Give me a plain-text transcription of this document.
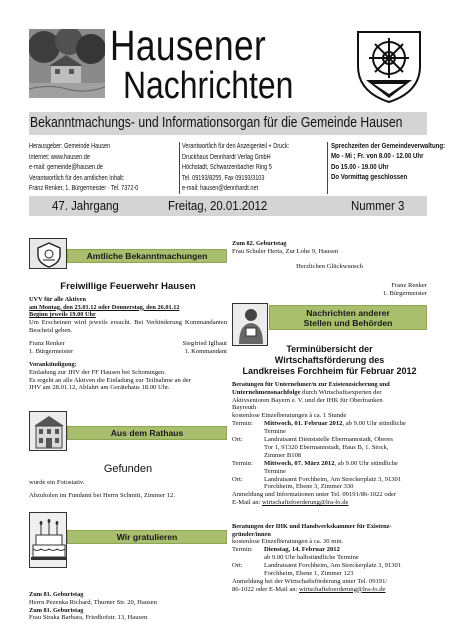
Hausener
Nachrichten
Bekanntmachungs- und Informationsorgan für die Gemeinde Hausen
Herausgeber: Gemeinde Hausen
Internet: www.hausen.de
e-mail: gemeinde@hausen.de
Verantwortlich für den amtlichen Inhalt:
Franz Renker, 1. Bürgermeister · Tel. 7372-0
Verantwortlich für den Anzeigenteil + Druck:
Druckhaus Dennhardt Verlag GmbH
Höchstadt, Schwarzenbacher Ring 5
Tel. 09193/8255, Fax 09193/3103
e-mail: hausen@dennhardt.net
Sprechzeiten der Gemeindeverwaltung:
Mo - Mi ; Fr. von 8.00 - 12.00 Uhr
Do 15.00 - 19.00 Uhr
Do Vormittag geschlossen
47. Jahrgang	Freitag, 20.01.2012	Nummer 3
Amtliche Bekanntmachungen
Freiwillige Feuerwehr Hausen
UVV für alle Aktiven
am Montag, den 23.01.12 oder Donnerstag, den 26.01.12
Beginn jeweils 19.00 Uhr
Um Erscheinen wird jeweils ersucht. Bei Verhinderung Kommandanten Bescheid geben.
Franz Renker
1. Bürgermeister
Siegfried Iglhaut
1. Kommandant
Vorankündigung:
Einladung zur JHV der FF Hausen bei Schonungen.
Es ergeht an alle Aktiven die Einladung zur Teilnahme an der
JHV am 28.01.12, Abfahrt am Gerätehaus 18.00 Uhr.
Aus dem Rathaus
Gefunden
wurde ein Fotostativ.
Abzuholen im Fundamt bei Herrn Schmitt, Zimmer 12.
Wir gratulieren
Zum 81. Geburtstag
Herrn Pezenka Richard, Thurner Str. 20, Hausen
Zum 81. Geburtstag
Frau Straka Barbara, Friedhofstr. 13, Hausen
Zum 82. Geburtstag
Frau Schuler Herta, Zur Lohe 9, Hausen
Herzlichen Glückwunsch
Franz Renker
1. Bürgermeister
Nachrichten anderer
Stellen und Behörden
Terminübersicht der
Wirtschaftsförderung des
Landkreises Forchheim für Februar 2012
Beratungen für Unternehmer/n zur Existenzsicherung und
Unternehmensnachfolge durch Wirtschaftsexperten der
Aktivsenioren Bayern e. V. und der IHK für Oberfranken
Bayreuth
kostenlose Einzelberatungen à ca. 1 Stunde
Termin:	Mittwoch, 01. Februar 2012, ab 9.00 Uhr stündliche
Termine
Ort:	Landratsamt Dienststelle Ebermannstadt, Oberes
Tor 1, 91320 Ebermannstadt, Haus B, 1. Stock,
Zimmer B108
Termin:	Mittwoch, 07. März 2012, ab 9.00 Uhr stündliche
Termine
Ort:	Landratsamt Forchheim, Am Streckerplatz 3, 91301
Forchheim, Ebene 3, Zimmer 330
Anmeldung und Informationen unter Tel. 09191/86-1022 oder
E-Mail an: wirtschaftsfoerderung@lra-fo.de
Beratungen der IHK und Handwerkskammer für Existenz-
gründer/innen
kostenlose Einzelberatungen à ca. 30 min.
Termin:	Dienstag, 14. Februar 2012
ab 9.00 Uhr halbstündliche Termine
Ort:	Landratsamt Forchheim, Am Streckerplatz 3, 91301
Forchheim, Ebene 1, Zimmer 123
Anmeldung bei der Wirtschaftsförderung unter Tel. 09191/
86-1022 oder E-Mail an: wirtschaftsfoerderung@lra-fo.de
